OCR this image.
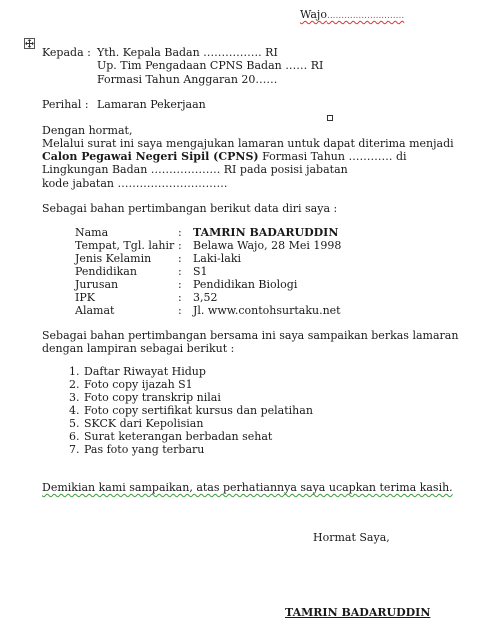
Wajo...........................
Kepada : Yth. Kepala Badan ……………. RI
Up. Tim Pengadaan CPNS Badan …… RI
Formasi Tahun Anggaran 20……
Perihal : Lamaran Pekerjaan
Dengan hormat,
Melalui surat ini saya mengajukan lamaran untuk dapat diterima menjadi
Calon Pegawai Negeri Sipil (CPNS) Formasi Tahun ………… di
Lingkungan Badan ………………. RI pada posisi jabatan
kode jabatan …………………………
Sebagai bahan pertimbangan berikut data diri saya :
Nama	: TAMRIN BADARUDDIN
Tempat, Tgl. lahir : Belawa Wajo, 28 Mei 1998
Jenis Kelamin : Laki-laki
Pendidikan	: S1
Jurusan	: Pendidikan Biologi
IPK	: 3,52
Alamat	: Jl. www.contohsurtaku.net
Sebagai bahan pertimbangan bersama ini saya sampaikan berkas lamaran
dengan lampiran sebagai berikut :
1. Daftar Riwayat Hidup
2. Foto copy ijazah S1
3. Foto copy transkrip nilai
4. Foto copy sertifikat kursus dan pelatihan
5. SKCK dari Kepolisian
6. Surat keterangan berbadan sehat
7. Pas foto yang terbaru
Demikian kami sampaikan, atas perhatiannya saya ucapkan terima kasih.
Hormat Saya,
TAMRIN BADARUDDIN
